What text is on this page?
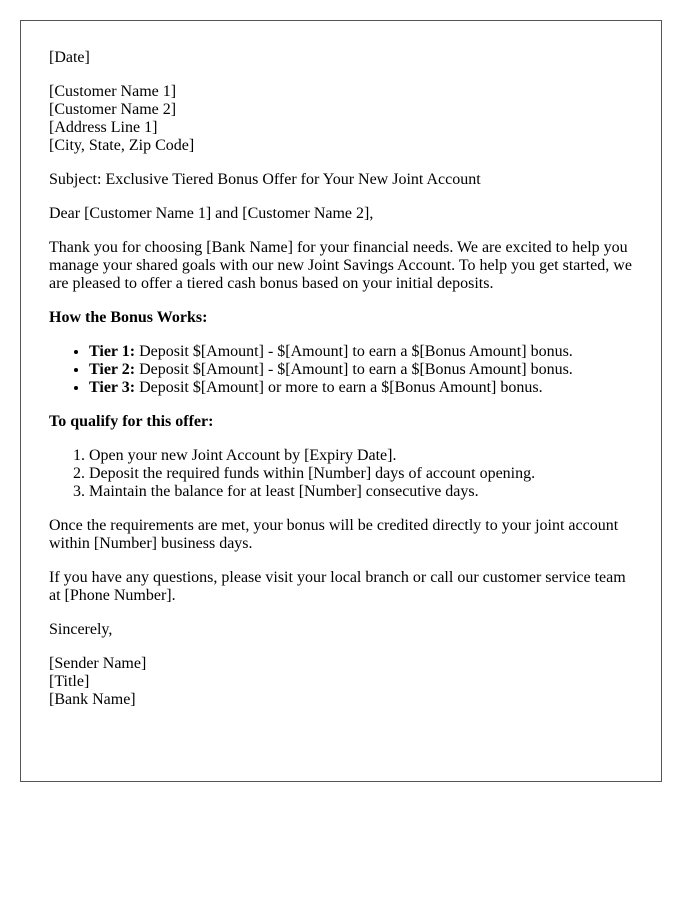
[Date]

[Customer Name 1]
[Customer Name 2]
[Address Line 1]
[City, State, Zip Code]

Subject: Exclusive Tiered Bonus Offer for Your New Joint Account

Dear [Customer Name 1] and [Customer Name 2],

Thank you for choosing [Bank Name] for your financial needs. We are excited to help you manage your shared goals with our new Joint Savings Account. To help you get started, we are pleased to offer a tiered cash bonus based on your initial deposits.

How the Bonus Works:

• Tier 1: Deposit $[Amount] - $[Amount] to earn a $[Bonus Amount] bonus.
• Tier 2: Deposit $[Amount] - $[Amount] to earn a $[Bonus Amount] bonus.
• Tier 3: Deposit $[Amount] or more to earn a $[Bonus Amount] bonus.

To qualify for this offer:

1. Open your new Joint Account by [Expiry Date].
2. Deposit the required funds within [Number] days of account opening.
3. Maintain the balance for at least [Number] consecutive days.

Once the requirements are met, your bonus will be credited directly to your joint account within [Number] business days.

If you have any questions, please visit your local branch or call our customer service team at [Phone Number].

Sincerely,

[Sender Name]
[Title]
[Bank Name]
